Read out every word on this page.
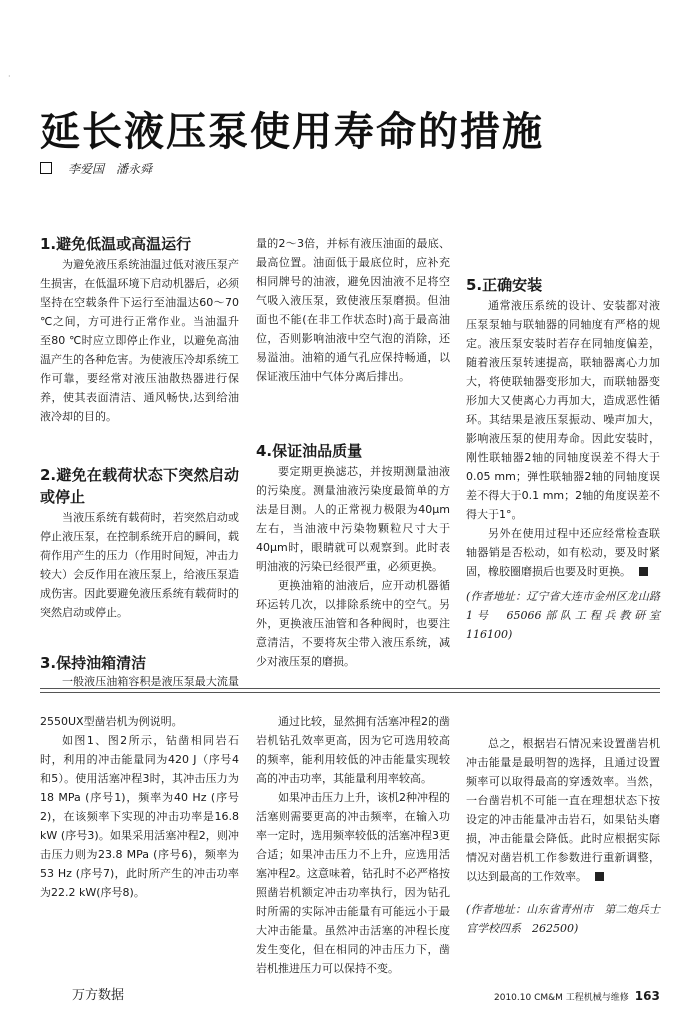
·
延长液压泵使用寿命的措施
李爱国　潘永舜
1.避免低温或高温运行

为避免液压系统油温过低对液压泵产生损害，在低温环境下启动机器后，必须坚持在空载条件下运行至油温达60～70 ℃之间，方可进行正常作业。当油温升至80 ℃时应立即停止作业，以避免高油温产生的各种危害。为使液压冷却系统工作可靠，要经常对液压油散热器进行保养，使其表面清洁、通风畅快,达到给油液冷却的目的。

2.避免在载荷状态下突然启动或停止

当液压系统有载荷时，若突然启动或停止液压泵，在控制系统开启的瞬间，载荷作用产生的压力（作用时间短，冲击力较大）会反作用在液压泵上，给液压泵造成伤害。因此要避免液压系统有载荷时的突然启动或停止。

3.保持油箱清洁

一般液压油箱容积是液压泵最大流量

量的2～3倍，并标有液压油面的最底、最高位置。油面低于最底位时，应补充相同牌号的油液，避免因油液不足将空气吸入液压泵，致使液压泵磨损。但油面也不能(在非工作状态时)高于最高油位，否则影响油液中空气泡的消除，还易溢油。油箱的通气孔应保持畅通，以保证液压油中气体分离后排出。

4.保证油品质量

要定期更换滤芯，并按期测量油液的污染度。测量油液污染度最简单的方法是目测。人的正常视力极限为40μm左右，当油液中污染物颗粒尺寸大于40μm时，眼睛就可以观察到。此时表明油液的污染已经很严重，必须更换。

更换油箱的油液后，应开动机器循环运转几次，以排除系统中的空气。另外，更换液压油管和各种阀时，也要注意清洁，不要将灰尘带入液压系统，减少对液压泵的磨损。

5.正确安装

通常液压系统的设计、安装都对液压泵泵轴与联轴器的同轴度有严格的规定。液压泵安装时若存在同轴度偏差，随着液压泵转速提高，联轴器离心力加大，将使联轴器变形加大，而联轴器变形加大又使离心力再加大，造成恶性循环。其结果是液压泵振动、噪声加大，影响液压泵的使用寿命。因此安装时，刚性联轴器2轴的同轴度误差不得大于0.05 mm；弹性联轴器2轴的同轴度误差不得大于0.1 mm；2轴的角度误差不得大于1°。

另外在使用过程中还应经常检查联轴器销是否松动，如有松动，要及时紧固，橡胶圈磨损后也要及时更换。

(作者地址：辽宁省大连市金州区龙山路1号　65066部队工程兵教研室　116100)

2550UX型凿岩机为例说明。

如图1、图2所示，钻凿相同岩石时，利用的冲击能量同为420 J（序号4和5）。使用活塞冲程3时，其冲击压力为18 MPa (序号1)，频率为40 Hz (序号2)，在该频率下实现的冲击功率是16.8 kW (序号3)。如果采用活塞冲程2，则冲击压力则为23.8 MPa (序号6)，频率为53 Hz (序号7)，此时所产生的冲击功率为22.2 kW(序号8)。

通过比较，显然拥有活塞冲程2的凿岩机钻孔效率更高，因为它可选用较高的频率，能利用较低的冲击能量实现较高的冲击功率，其能量利用率较高。

如果冲击压力上升，该机2种冲程的活塞则需要更高的冲击频率，在输入功率一定时，选用频率较低的活塞冲程3更合适；如果冲击压力不上升，应选用活塞冲程2。这意味着，钻孔时不必严格按照凿岩机额定冲击功率执行，因为钻孔时所需的实际冲击能量有可能远小于最大冲击能量。虽然冲击活塞的冲程长度发生变化，但在相同的冲击压力下，凿岩机推进压力可以保持不变。

总之，根据岩石情况来设置凿岩机冲击能量是最明智的选择，且通过设置频率可以取得最高的穿透效率。当然，一台凿岩机不可能一直在理想状态下按设定的冲击能量冲击岩石，如果钻头磨损，冲击能量会降低。此时应根据实际情况对凿岩机工作参数进行重新调整，以达到最高的工作效率。

(作者地址：山东省青州市　第二炮兵士官学校四系　262500)

万方数据	2010.10 CM&M 工程机械与维修 163
